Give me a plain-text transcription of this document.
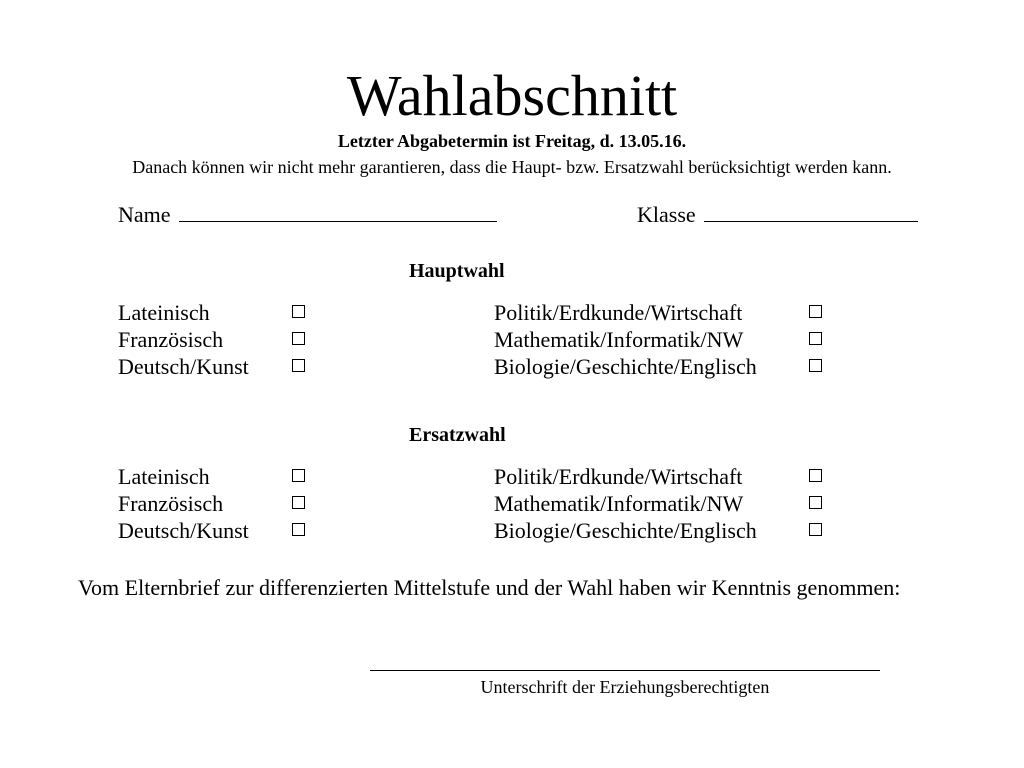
Wahlabschnitt
Letzter Abgabetermin ist Freitag, d. 13.05.16.
Danach können wir nicht mehr garantieren, dass die Haupt- bzw. Ersatzwahl berücksichtigt werden kann.
Name	Klasse
Hauptwahl
Lateinisch
Französisch
Deutsch/Kunst
Politik/Erdkunde/Wirtschaft
Mathematik/Informatik/NW
Biologie/Geschichte/Englisch
Ersatzwahl
Lateinisch
Französisch
Deutsch/Kunst
Politik/Erdkunde/Wirtschaft
Mathematik/Informatik/NW
Biologie/Geschichte/Englisch
Vom Elternbrief zur differenzierten Mittelstufe und der Wahl haben wir Kenntnis genommen:
Unterschrift der Erziehungsberechtigten
